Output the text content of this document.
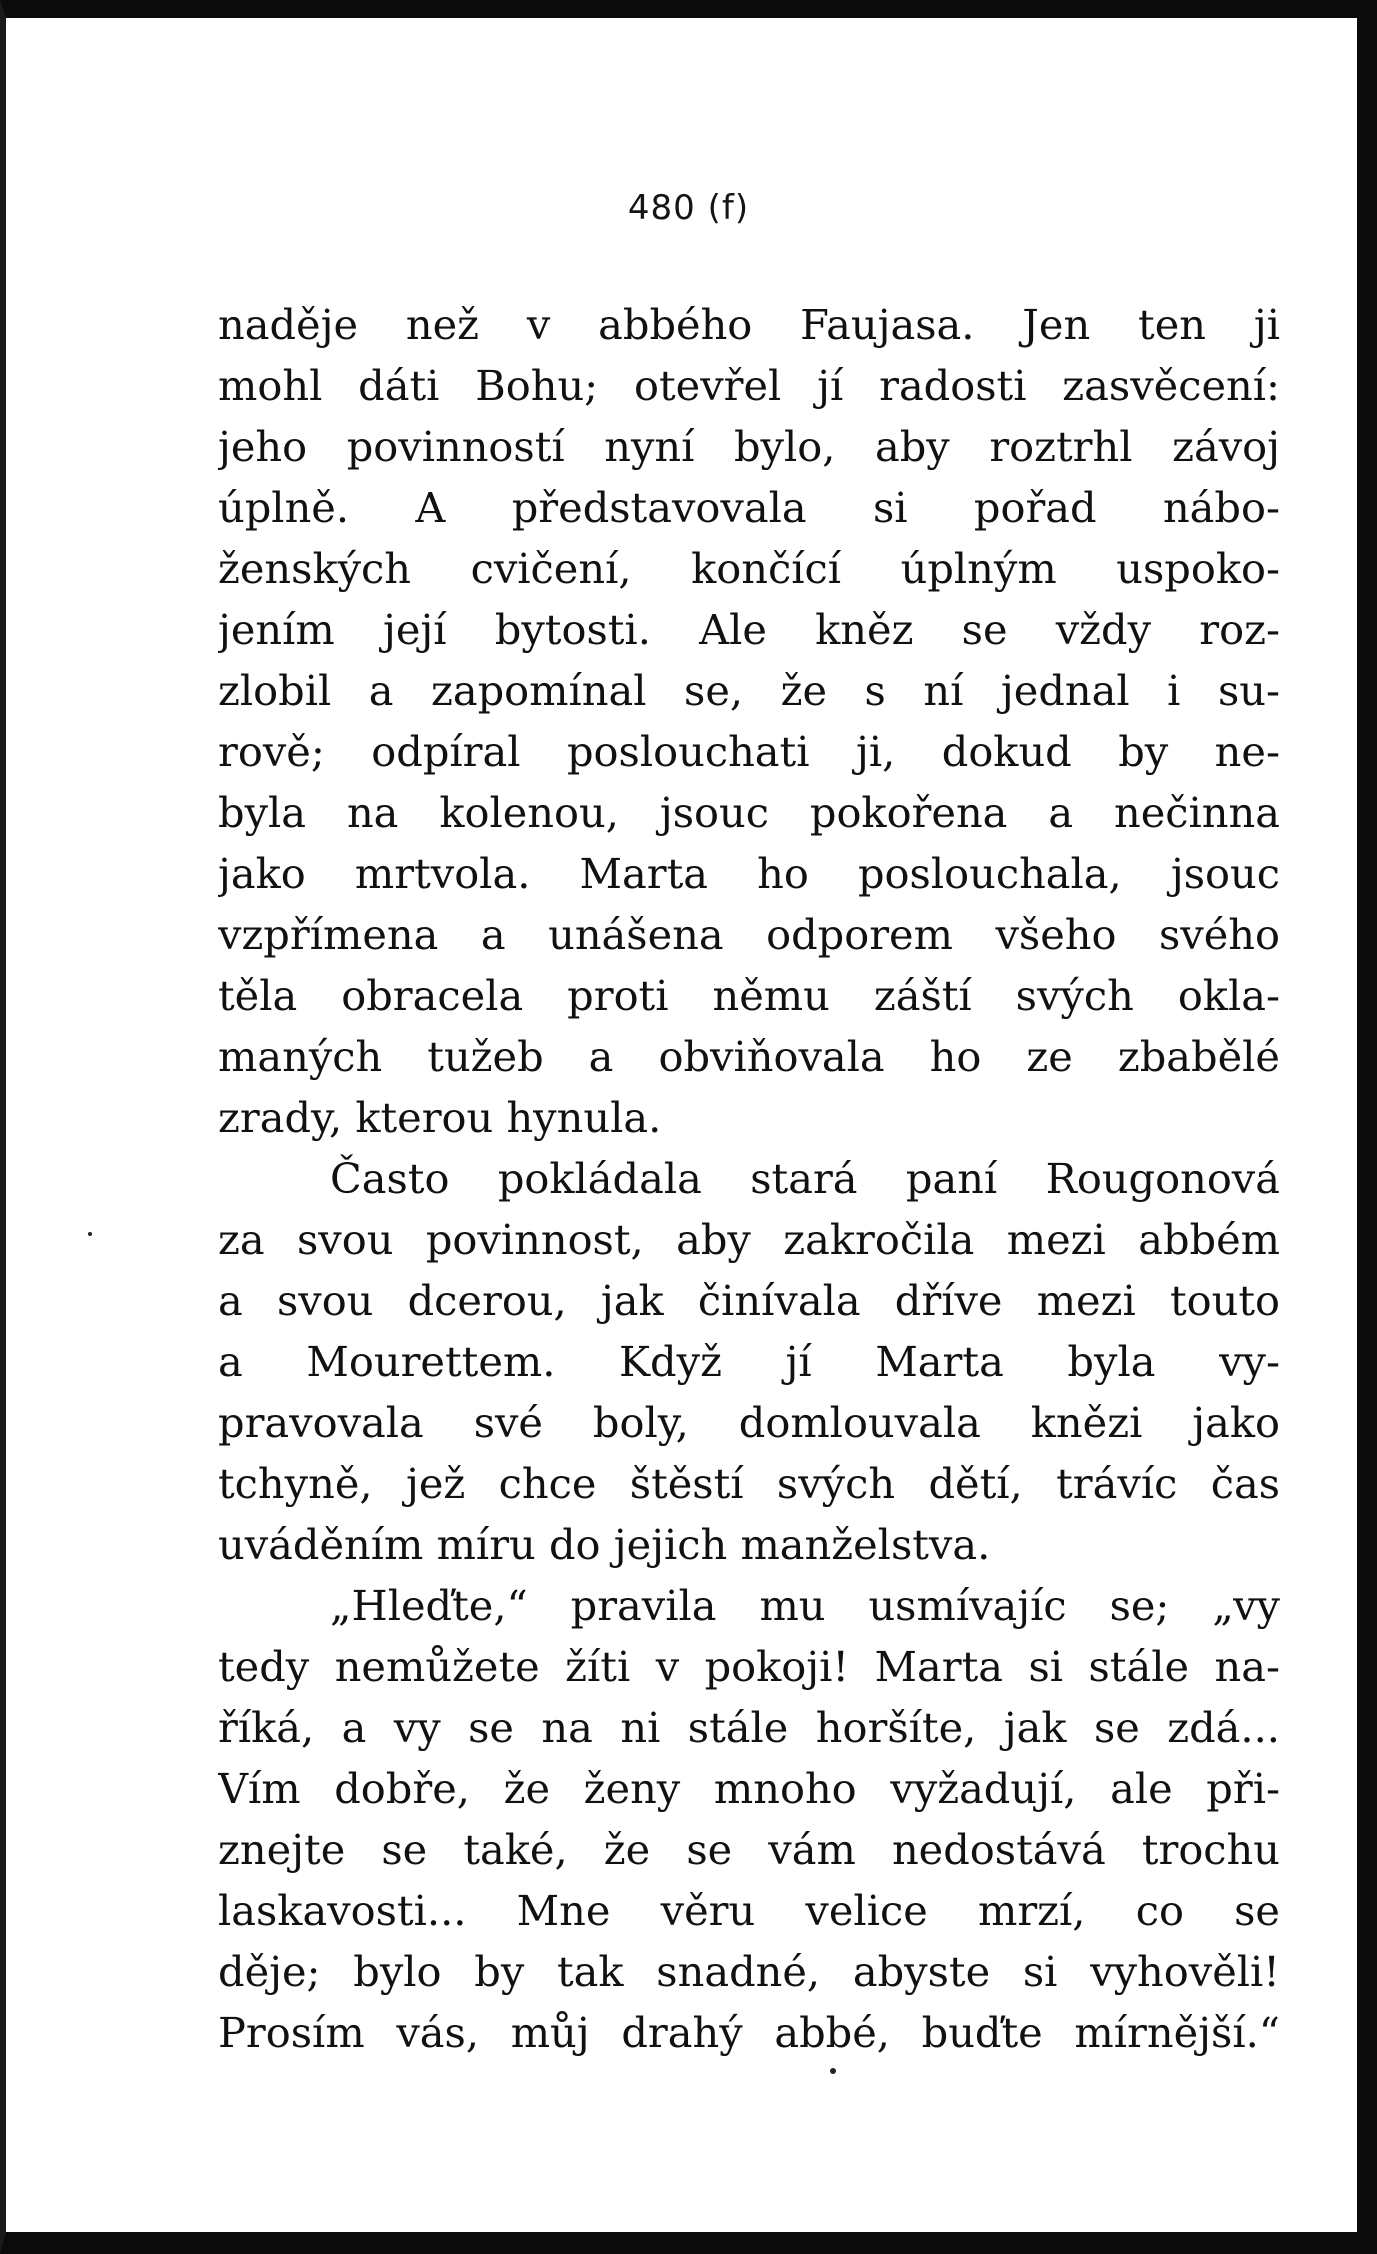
480 (f)
naděje než v abbého Faujasa. Jen ten ji
mohl dáti Bohu; otevřel jí radosti zasvěcení:
jeho povinností nyní bylo, aby roztrhl závoj
úplně. A představovala si pořad nábo-
ženských cvičení, končící úplným uspoko-
jením její bytosti. Ale kněz se vždy roz-
zlobil a zapomínal se, že s ní jednal i su-
rově; odpíral poslouchati ji, dokud by ne-
byla na kolenou, jsouc pokořena a nečinna
jako mrtvola. Marta ho poslouchala, jsouc
vzpřímena a unášena odporem všeho svého
těla obracela proti němu záští svých okla-
maných tužeb a obviňovala ho ze zbabělé
zrady, kterou hynula.
Často pokládala stará paní Rougonová
za svou povinnost, aby zakročila mezi abbém
a svou dcerou, jak činívala dříve mezi touto
a Mourettem. Když jí Marta byla vy-
pravovala své boly, domlouvala knězi jako
tchyně, jež chce štěstí svých dětí, trávíc čas
uváděním míru do jejich manželstva.
„Hleďte,“ pravila mu usmívajíc se; „vy
tedy nemůžete žíti v pokoji! Marta si stále na-
říká, a vy se na ni stále horšíte, jak se zdá...
Vím dobře, že ženy mnoho vyžadují, ale při-
znejte se také, že se vám nedostává trochu
laskavosti... Mne věru velice mrzí, co se
děje; bylo by tak snadné, abyste si vyhověli!
Prosím vás, můj drahý abbé, buďte mírnější.“
